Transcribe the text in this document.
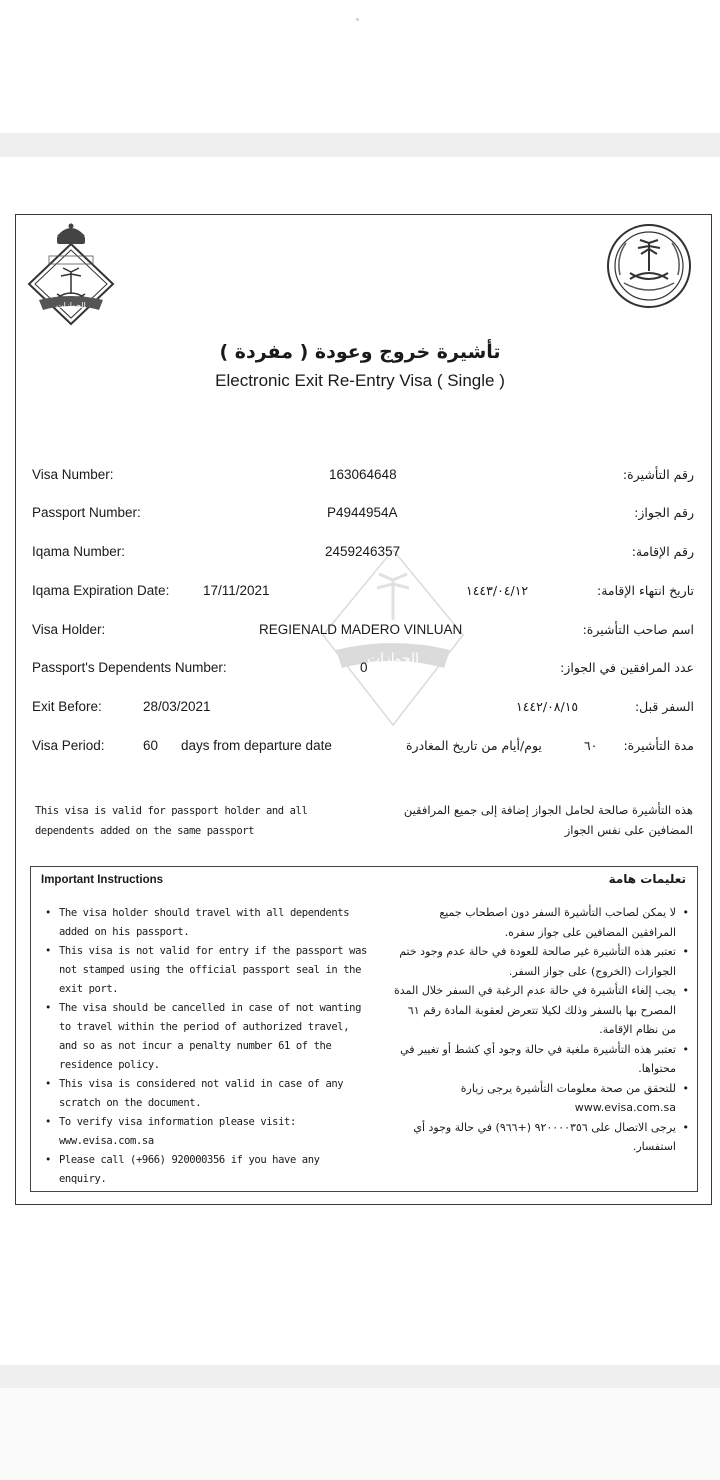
الجوازات
تأشيرة خروج وعودة ( مفردة )
Electronic Exit Re-Entry Visa ( Single )
الجوازات
Visa Number:	163064648	رقم التأشيرة:
Passport Number:	P4944954A	رقم الجواز:
Iqama Number:	2459246357	رقم الإقامة:
Iqama Expiration Date: 17/11/2021	١٤٤٣/٠٤/١٢	تاريخ انتهاء الإقامة:
Visa Holder:	REGIENALD MADERO VINLUAN	اسم صاحب التأشيرة:
Passport's Dependents Number:	0	عدد المرافقين في الجواز:
Exit Before:	28/03/2021	١٤٤٢/٠٨/١٥	السفر قبل:
Visa Period:	60 days from departure date	يوم/أيام من تاريخ المغادرة	٦٠ مدة التأشيرة:
This visa is valid for passport holder and all dependents added on the same passport
هذه التأشيرة صالحة لحامل الجواز إضافة إلى جميع المرافقين المضافين على نفس الجواز
Important Instructions	تعليمات هامة
• The visa holder should travel with all dependents added on his passport.
• This visa is not valid for entry if the passport was not stamped using the official passport seal in the exit port.
• The visa should be cancelled in case of not wanting to travel within the period of authorized travel, and so as not incur a penalty number 61 of the residence policy.
• This visa is considered not valid in case of any scratch on the document.
• To verify visa information please visit: www.evisa.com.sa
• Please call (+966) 920000356 if you have any enquiry.
• لا يمكن لصاحب التأشيرة السفر دون اصطحاب جميع المرافقين المضافين على جواز سفره.
• تعتبر هذه التأشيرة غير صالحة للعودة في حالة عدم وجود ختم الجوازات (الخروج) على جواز السفر.
• يجب إلغاء التأشيرة في حالة عدم الرغبة في السفر خلال المدة المصرح بها بالسفر وذلك لكيلا تتعرض لعقوبة المادة رقم ٦١ من نظام الإقامة.
• تعتبر هذه التأشيرة ملغية في حالة وجود أي كشط أو تغيير في محتواها.
• للتحقق من صحة معلومات التأشيرة يرجى زيارة www.evisa.com.sa
• يرجى الاتصال على ٩٢٠٠٠٠٣٥٦ (+٩٦٦) في حالة وجود أي استفسار.
